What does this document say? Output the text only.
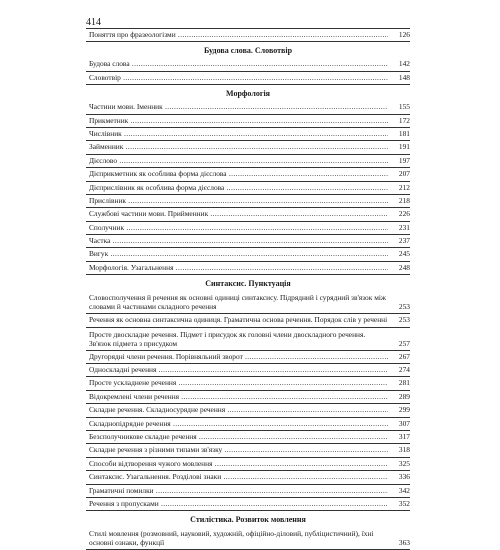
414
Поняття про фразеологізми .....	126
Будова слова. Словотвір
Будова слова .....	142
Словотвір .....	148
Морфологія
Частини мови. Іменник .....	155
Прикметник .....	172
Числівник .....	181
Займенник .....	191
Дієслово .....	197
Дієприкметник як особлива форма дієслова .....	207
Дієприслівник як особлива форма дієслова .....	212
Прислівник .....	218
Службові частини мови. Прийменник .....	226
Сполучник .....	231
Частка .....	237
Вигук .....	245
Морфологія. Узагальнення .....	248
Синтаксис. Пунктуація
Словосполучення й речення як основні одиниці синтаксису. Підрядний і сурядний зв'язок між словами й частинами складного речення	253
Речення як основна синтаксична одиниця. Граматична основа речення. Порядок слів у реченні .....	253
Просте двоскладне речення. Підмет і присудок як головні члени двоскладного речення. Зв'язок підмета з присудком	257
Другорядні члени речення. Порівняльний зворот .....	267
Односкладні речення .....	274
Просте ускладнене речення .....	281
Відокремлені члени речення .....	289
Складне речення. Складносурядне речення .....	299
Складнопідрядне речення .....	307
Безсполучникове складне речення .....	317
Складне речення з різними типами зв'язку .....	318
Способи відтворення чужого мовлення .....	325
Синтаксис. Узагальнення. Розділові знаки .....	336
Граматичні помилки .....	342
Речення з пропусками .....	352
Стилістика. Розвиток мовлення
Стилі мовлення (розмовний, науковий, художній, офіційно-діловий, публіцистичний), їхні основні ознаки, функції	363
